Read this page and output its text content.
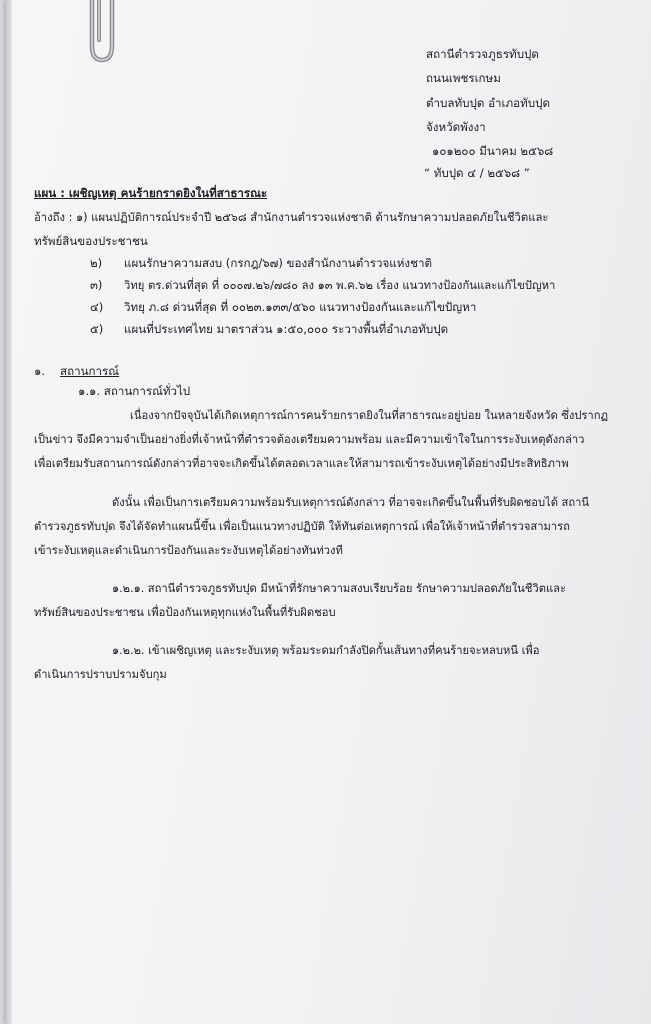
สถานีตำรวจภูธรทับปุด
ถนนเพชรเกษม
ตำบลทับปุด อำเภอทับปุด
จังหวัดพังงา
๑๐๑๒๐๐ มีนาคม ๒๕๖๘
“ ทับปุด ๔ / ๒๕๖๘ ”
แผน : เผชิญเหตุ คนร้ายกราดยิงในที่สาธารณะ
อ้างถึง : ๑) แผนปฏิบัติการณ์ประจำปี ๒๕๖๘ สำนักงานตำรวจแห่งชาติ ด้านรักษาความปลอดภัยในชีวิตและ
ทรัพย์สินของประชาชน
๒) แผนรักษาความสงบ (กรกฎ/๖๗) ของสำนักงานตำรวจแห่งชาติ
๓) วิทยุ ตร.ด่วนที่สุด ที่ ๐๐๐๗.๒๖/๗๘๐ ลง ๑๓ พ.ค.๖๒ เรื่อง แนวทางป้องกันและแก้ไขปัญหา
๔) วิทยุ ภ.๘ ด่วนที่สุด ที่ ๐๐๒๓.๑๓๓/๕๖๐ แนวทางป้องกันและแก้ไขปัญหา
๕) แผนที่ประเทศไทย มาตราส่วน ๑:๕๐,๐๐๐ ระวางพื้นที่อำเภอทับปุด
๑. สถานการณ์
๑.๑. สถานการณ์ทั่วไป
เนื่องจากปัจจุบันได้เกิดเหตุการณ์การคนร้ายกราดยิงในที่สาธารณะอยู่บ่อย ในหลายจังหวัด ซึ่งปรากฏ
เป็นข่าว จึงมีความจำเป็นอย่างยิ่งที่เจ้าหน้าที่ตำรวจต้องเตรียมความพร้อม และมีความเข้าใจในการระงับเหตุดังกล่าว
เพื่อเตรียมรับสถานการณ์ดังกล่าวที่อาจจะเกิดขึ้นได้ตลอดเวลาและให้สามารถเข้าระงับเหตุได้อย่างมีประสิทธิภาพ
ดังนั้น เพื่อเป็นการเตรียมความพร้อมรับเหตุการณ์ดังกล่าว ที่อาจจะเกิดขึ้นในพื้นที่รับผิดชอบได้ สถานี
ตำรวจภูธรทับปุด จึงได้จัดทำแผนนี้ขึ้น เพื่อเป็นแนวทางปฏิบัติ ให้ทันต่อเหตุการณ์ เพื่อให้เจ้าหน้าที่ตำรวจสามารถ
เข้าระงับเหตุและดำเนินการป้องกันและระงับเหตุได้อย่างทันท่วงที
๑.๒.๑. สถานีตำรวจภูธรทับปุด มีหน้าที่รักษาความสงบเรียบร้อย รักษาความปลอดภัยในชีวิตและ
ทรัพย์สินของประชาชน เพื่อป้องกันเหตุทุกแห่งในพื้นที่รับผิดชอบ
๑.๒.๒. เข้าเผชิญเหตุ และระงับเหตุ พร้อมระดมกำลังปิดกั้นเส้นทางที่คนร้ายจะหลบหนี เพื่อ
ดำเนินการปราบปรามจับกุม
